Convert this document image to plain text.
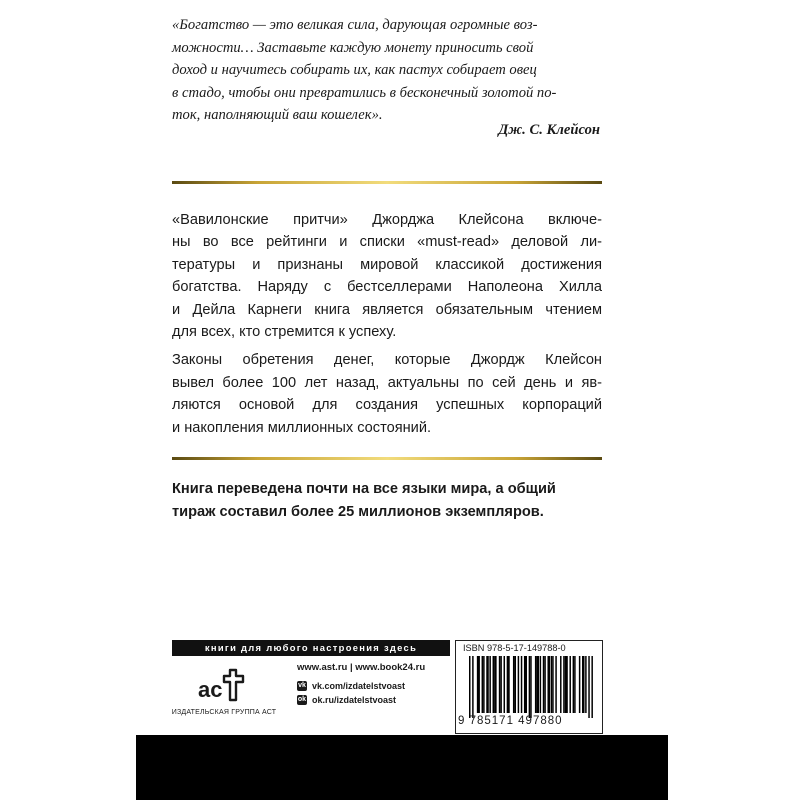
«Богатство — это великая сила, дарующая огромные воз-

можности… Заставьте каждую монету приносить свой

доход и научитесь собирать их, как пастух собирает овец

в стадо, чтобы они превратились в бесконечный золотой по-

ток, наполняющий ваш кошелек».

Дж. С. Клейсон
«Вавилонские притчи» Джорджа Клейсона включе-
ны во все рейтинги и списки «must-read» деловой ли-
тературы и признаны мировой классикой достижения
богатства. Наряду с бестселлерами Наполеона Хилла
и Дейла Карнеги книга является обязательным чтением
для всех, кто стремится к успеху.
Законы обретения денег, которые Джордж Клейсон
вывел более 100 лет назад, актуальны по сей день и яв-
ляются основой для создания успешных корпораций
и накопления миллионных состояний.
Книга переведена почти на все языки мира, а общий
тираж составил более 25 миллионов экземпляров.
книги для любого настроения здесь
ас
ИЗДАТЕЛЬСКАЯ ГРУППА АСТ
www.ast.ru | www.book24.ru
vk vk.com/izdatelstvoast
ok ok.ru/izdatelstvoast
ISBN 978-5-17-149788-0
9 785171 497880
